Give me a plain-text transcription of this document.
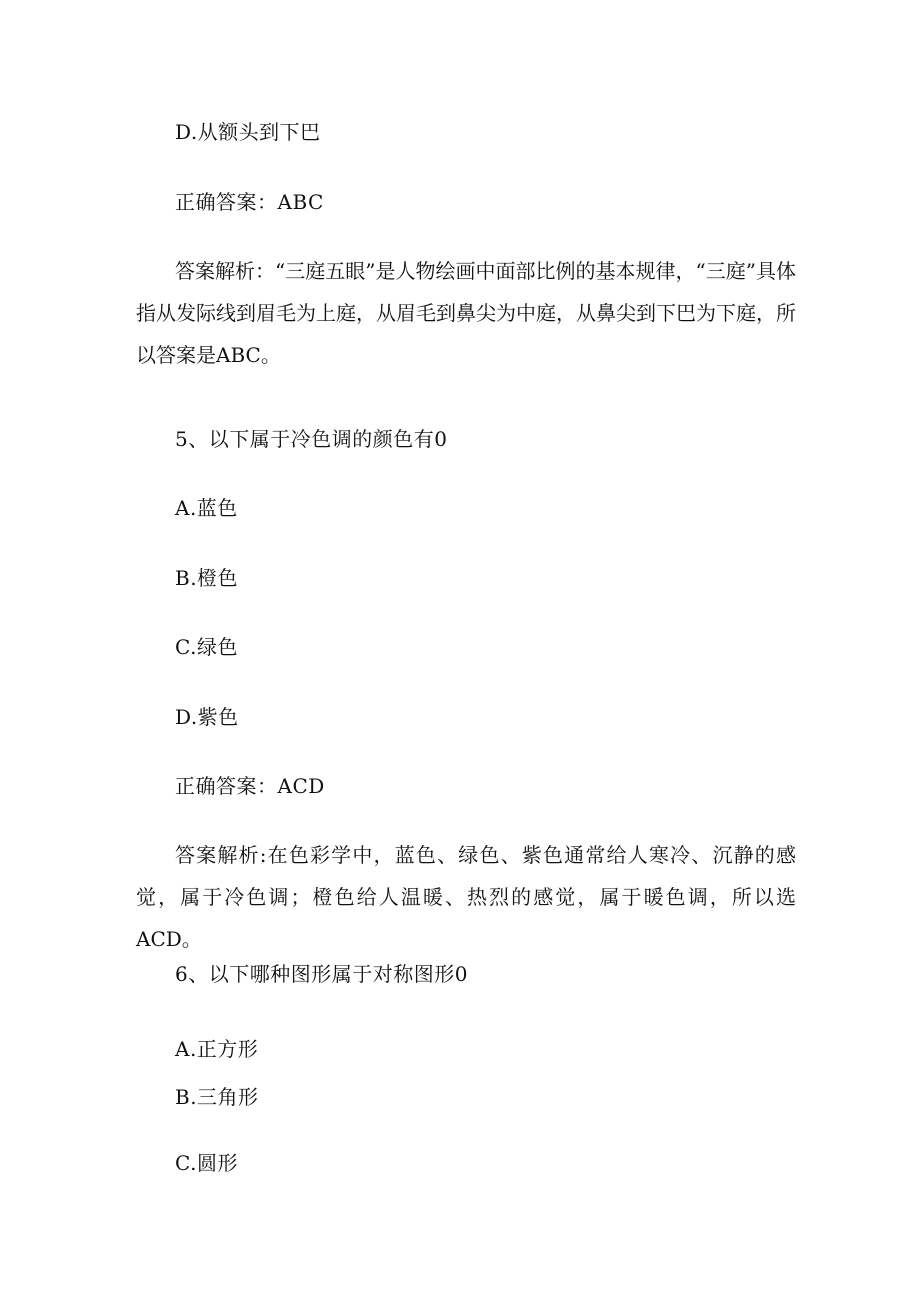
D.从额头到下巴
正确答案：ABC
答案解析：“三庭五眼”是人物绘画中面部比例的基本规律，“三庭”具体指从发际线到眉毛为上庭，从眉毛到鼻尖为中庭，从鼻尖到下巴为下庭，所以答案是ABC。
5、以下属于冷色调的颜色有0
A.蓝色
B.橙色
C.绿色
D.紫色
正确答案：ACD
答案解析:在色彩学中，蓝色、绿色、紫色通常给人寒冷、沉静的感觉，属于冷色调；橙色给人温暖、热烈的感觉，属于暖色调，所以选ACD。
6、以下哪种图形属于对称图形0
A.正方形
B.三角形
C.圆形
